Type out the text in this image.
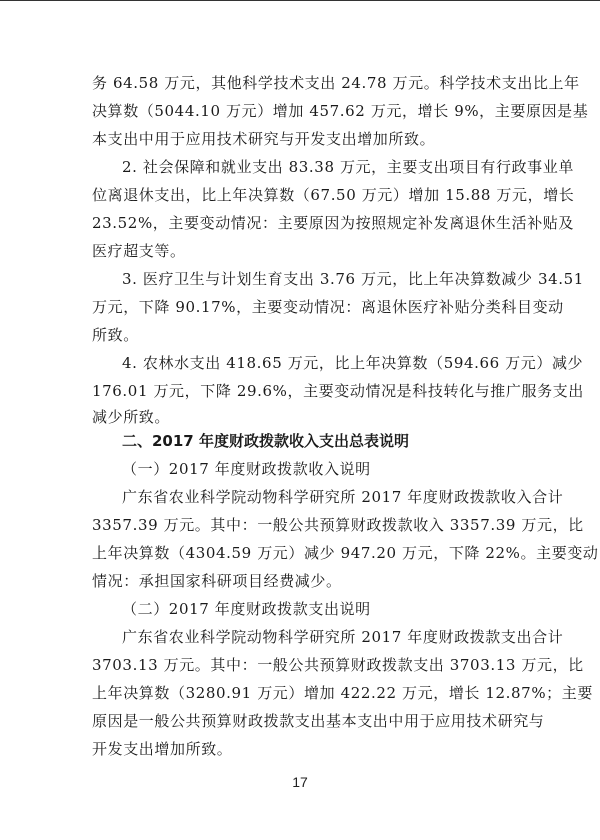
务 64.58 万元，其他科学技术支出 24.78 万元。科学技术支出比上年
决算数（5044.10 万元）增加 457.62 万元，增长 9%，主要原因是基
本支出中用于应用技术研究与开发支出增加所致。
2. 社会保障和就业支出 83.38 万元，主要支出项目有行政事业单
位离退休支出，比上年决算数（67.50 万元）增加 15.88 万元，增长
23.52%，主要变动情况：主要原因为按照规定补发离退休生活补贴及
医疗超支等。
3. 医疗卫生与计划生育支出 3.76 万元，比上年决算数减少 34.51
万元，下降 90.17%，主要变动情况：离退休医疗补贴分类科目变动
所致。
4. 农林水支出 418.65 万元，比上年决算数（594.66 万元）减少
176.01 万元，下降 29.6%，主要变动情况是科技转化与推广服务支出
减少所致。
二、2017 年度财政拨款收入支出总表说明
（一）2017 年度财政拨款收入说明
广东省农业科学院动物科学研究所 2017 年度财政拨款收入合计
3357.39 万元。其中：一般公共预算财政拨款收入 3357.39 万元，比
上年决算数（4304.59 万元）减少 947.20 万元，下降 22%。主要变动
情况：承担国家科研项目经费减少。
（二）2017 年度财政拨款支出说明
广东省农业科学院动物科学研究所 2017 年度财政拨款支出合计
3703.13 万元。其中：一般公共预算财政拨款支出 3703.13 万元，比
上年决算数（3280.91 万元）增加 422.22 万元，增长 12.87%；主要
原因是一般公共预算财政拨款支出基本支出中用于应用技术研究与
开发支出增加所致。
17
